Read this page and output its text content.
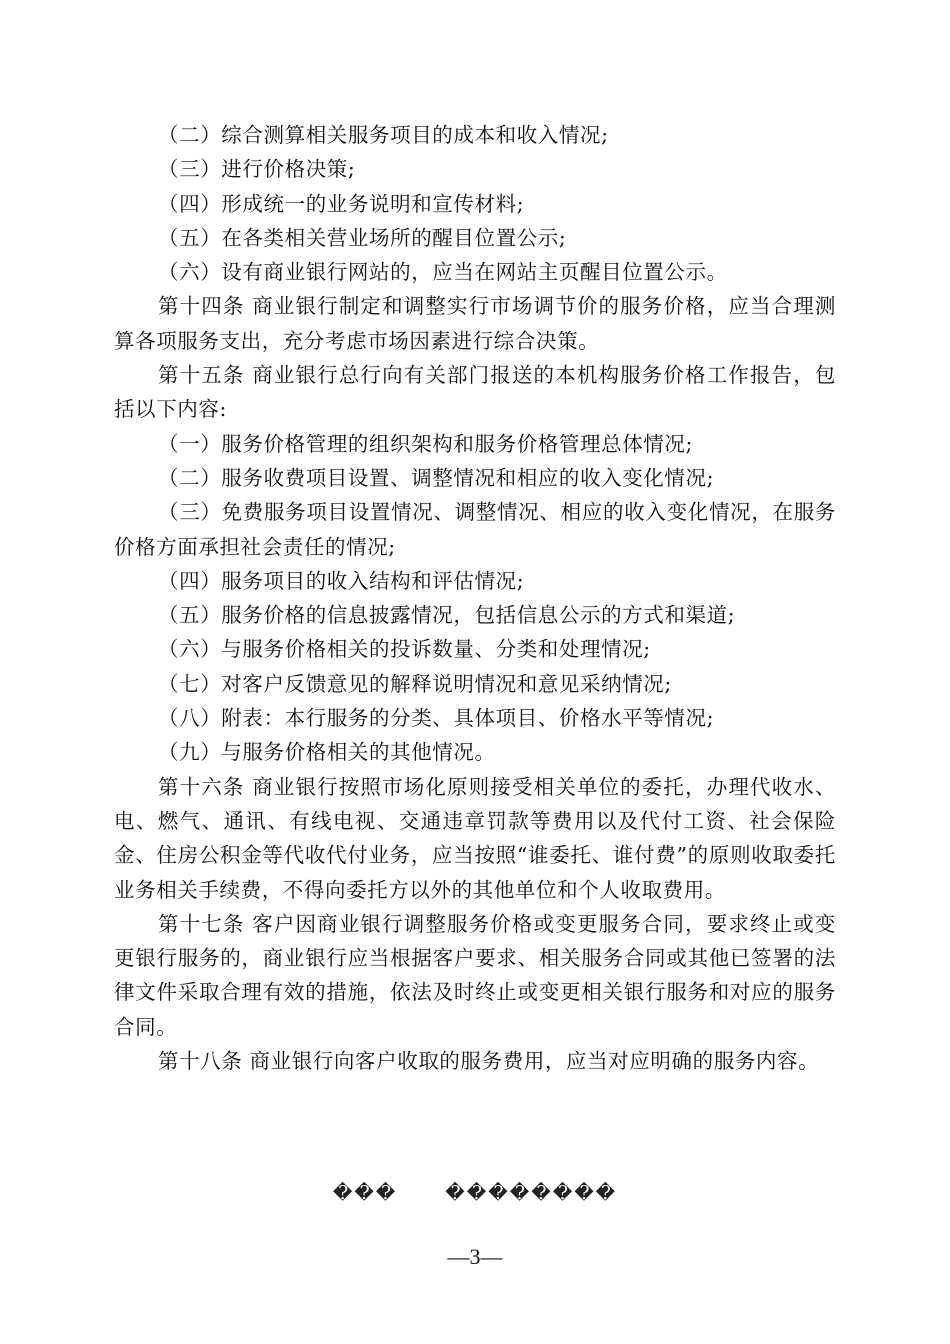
（二）综合测算相关服务项目的成本和收入情况;

（三）进行价格决策;

（四）形成统一的业务说明和宣传材料;

（五）在各类相关营业场所的醒目位置公示;

（六）设有商业银行网站的，应当在网站主页醒目位置公示。

第十四条 商业银行制定和调整实行市场调节价的服务价格，应当合理测算各项服务支出，充分考虑市场因素进行综合决策。

第十五条 商业银行总行向有关部门报送的本机构服务价格工作报告，包括以下内容:

（一）服务价格管理的组织架构和服务价格管理总体情况;

（二）服务收费项目设置、调整情况和相应的收入变化情况;

（三）免费服务项目设置情况、调整情况、相应的收入变化情况，在服务价格方面承担社会责任的情况;

（四）服务项目的收入结构和评估情况;

（五）服务价格的信息披露情况，包括信息公示的方式和渠道;

（六）与服务价格相关的投诉数量、分类和处理情况;

（七）对客户反馈意见的解释说明情况和意见采纳情况;

（八）附表：本行服务的分类、具体项目、价格水平等情况;

（九）与服务价格相关的其他情况。

第十六条 商业银行按照市场化原则接受相关单位的委托，办理代收水、电、燃气、通讯、有线电视、交通违章罚款等费用以及代付工资、社会保险金、住房公积金等代收代付业务，应当按照“谁委托、谁付费”的原则收取委托业务相关手续费，不得向委托方以外的其他单位和个人收取费用。

第十七条 客户因商业银行调整服务价格或变更服务合同，要求终止或变更银行服务的，商业银行应当根据客户要求、相关服务合同或其他已签署的法律文件采取合理有效的措施，依法及时终止或变更相关银行服务和对应的服务合同。

第十八条 商业银行向客户收取的服务费用，应当对应明确的服务内容。

���	��������
—3—
